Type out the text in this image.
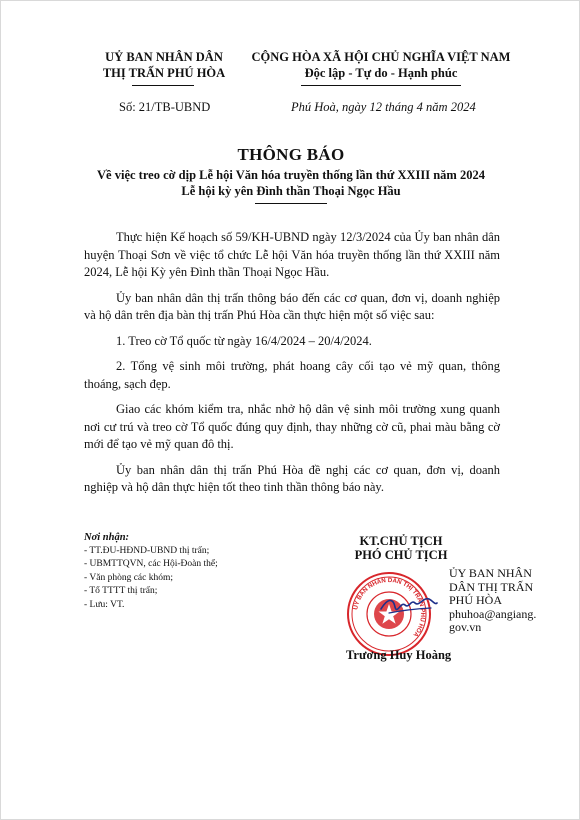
UỶ BAN NHÂN DÂN
THỊ TRẤN PHÚ HÒA
CỘNG HÒA XÃ HỘI CHỦ NGHĨA VIỆT NAM
Độc lập - Tự do - Hạnh phúc
Số: 21/TB-UBND	Phú Hoà, ngày 12 tháng 4 năm 2024
THÔNG BÁO
Về việc treo cờ dịp Lễ hội Văn hóa truyền thống lần thứ XXIII năm 2024
Lễ hội kỳ yên Đình thần Thoại Ngọc Hầu

Thực hiện Kế hoạch số 59/KH-UBND ngày 12/3/2024 của Ủy ban nhân dân huyện Thoại Sơn về việc tổ chức Lễ hội Văn hóa truyền thống lần thứ XXIII năm 2024, Lễ hội Kỳ yên Đình thần Thoại Ngọc Hầu.

Ủy ban nhân dân thị trấn thông báo đến các cơ quan, đơn vị, doanh nghiệp và hộ dân trên địa bàn thị trấn Phú Hòa cần thực hiện một số việc sau:

1. Treo cờ Tổ quốc từ ngày 16/4/2024 – 20/4/2024.

2. Tổng vệ sinh môi trường, phát hoang cây cối tạo vẻ mỹ quan, thông thoáng, sạch đẹp.

Giao các khóm kiểm tra, nhắc nhở hộ dân vệ sinh môi trường xung quanh nơi cư trú và treo cờ Tổ quốc đúng quy định, thay những cờ cũ, phai màu bằng cờ mới để tạo vẻ mỹ quan đô thị.

Ủy ban nhân dân thị trấn Phú Hòa đề nghị các cơ quan, đơn vị, doanh nghiệp và hộ dân thực hiện tốt theo tinh thần thông báo này.

Nơi nhận:
- TT.ĐU-HĐND-UBND thị trấn;
- UBMTTQVN, các Hội-Đoàn thể;
- Văn phòng các khóm;
- Tổ TTTT thị trấn;
- Lưu: VT.
KT.CHỦ TỊCH
PHÓ CHỦ TỊCH
ỦY BAN NHÂN DÂN THỊ TRẤN PHÚ HÒA
ỦY BAN NHÂN
DÂN THỊ TRẤN
PHÚ HÒA
phuhoa@angiang.
gov.vn
Trương Huy Hoàng
